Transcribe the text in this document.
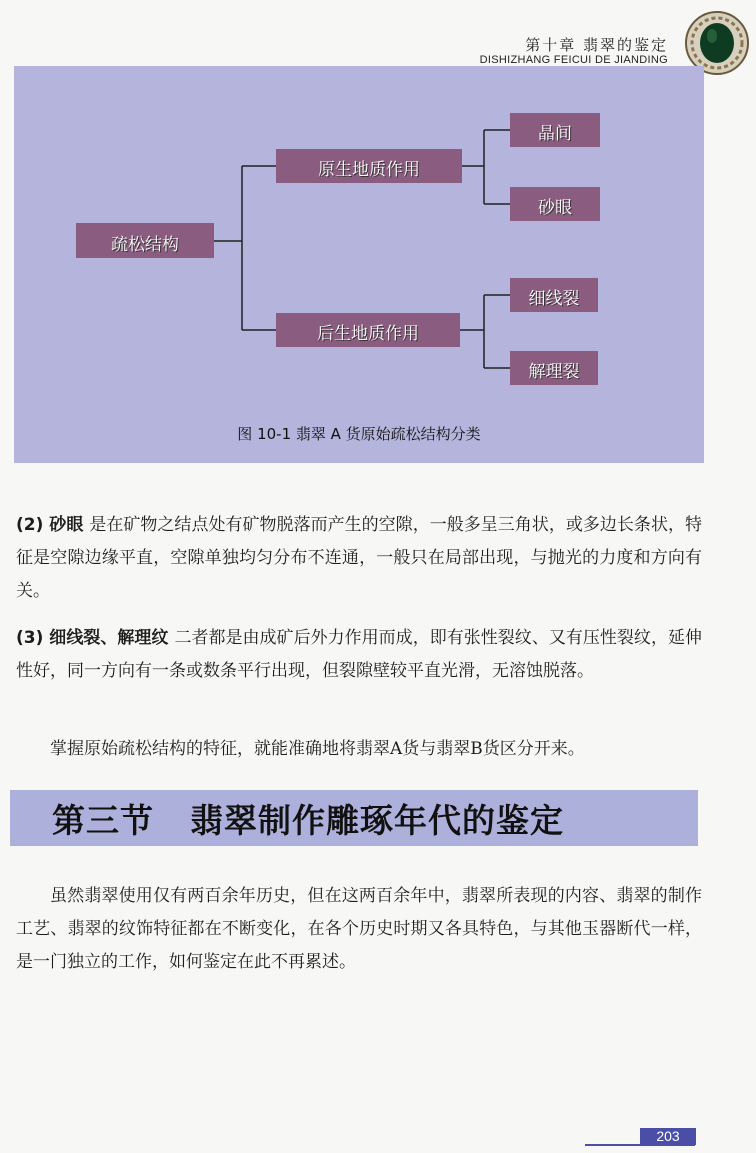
第十章 翡翠的鉴定
DISHIZHANG FEICUI DE JIANDING
疏松结构
原生地质作用
后生地质作用
晶间
砂眼
细线裂
解理裂
图 10-1 翡翠 A 货原始疏松结构分类
(2) 砂眼 是在矿物之结点处有矿物脱落而产生的空隙，一般多呈三角状，或多边长条状，特征是空隙边缘平直，空隙单独均匀分布不连通，一般只在局部出现，与抛光的力度和方向有关。
(3) 细线裂、解理纹 二者都是由成矿后外力作用而成，即有张性裂纹、又有压性裂纹，延伸性好，同一方向有一条或数条平行出现，但裂隙壁较平直光滑，无溶蚀脱落。
掌握原始疏松结构的特征，就能准确地将翡翠A货与翡翠B货区分开来。
第三节 翡翠制作雕琢年代的鉴定
虽然翡翠使用仅有两百余年历史，但在这两百余年中，翡翠所表现的内容、翡翠的制作工艺、翡翠的纹饰特征都在不断变化，在各个历史时期又各具特色，与其他玉器断代一样，是一门独立的工作，如何鉴定在此不再累述。
203
